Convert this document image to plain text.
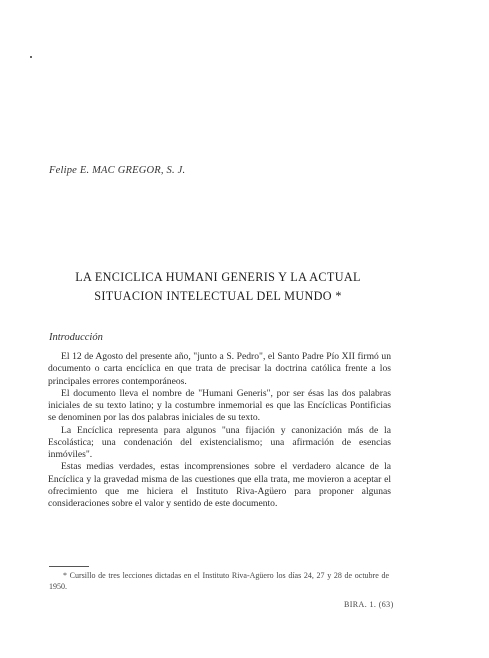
Felipe E. MAC GREGOR, S. J.
LA ENCICLICA HUMANI GENERIS Y LA ACTUAL
SITUACION INTELECTUAL DEL MUNDO *
Introducción

El 12 de Agosto del presente año, "junto a S. Pedro", el Santo Padre Pío XII firmó un documento o carta encíclica en que trata de precisar la doctrina católica frente a los principales errores contemporáneos.

El documento lleva el nombre de "Humani Generis", por ser ésas las dos palabras iniciales de su texto latino; y la costumbre inmemorial es que las Encíclicas Pontificias se denominen por las dos palabras iniciales de su texto.

La Encíclica representa para algunos "una fijación y canonización más de la Escolástica; una condenación del existencialismo; una afirmación de esencias inmóviles".

Estas medias verdades, estas incomprensiones sobre el verdadero alcance de la Encíclica y la gravedad misma de las cuestiones que ella trata, me movieron a aceptar el ofrecimiento que me hiciera el Instituto Riva-Agüero para proponer algunas consideraciones sobre el valor y sentido de este documento.

* Cursillo de tres lecciones dictadas en el Instituto Riva-Agüero los días 24, 27 y 28 de octubre de 1950.
BIRA. 1. (63)
